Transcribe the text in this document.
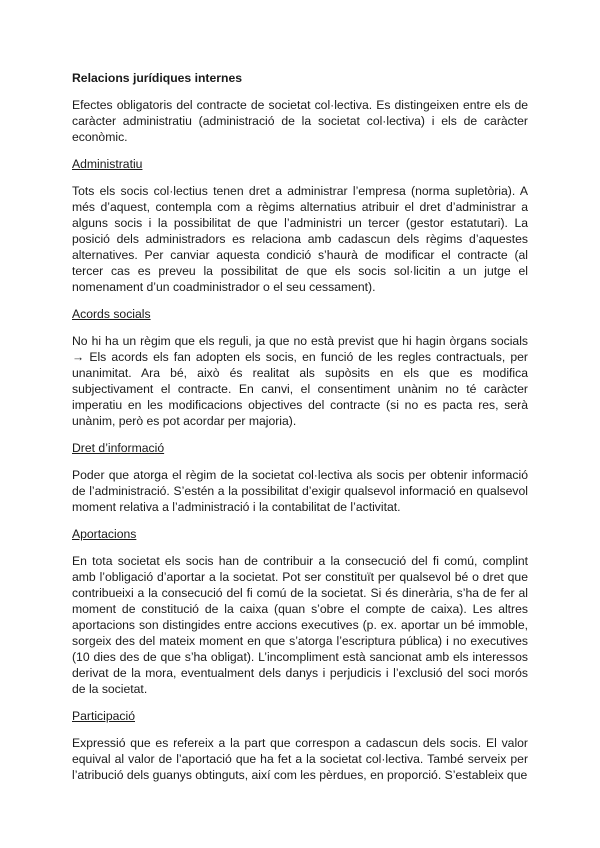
Relacions jurídiques internes

Efectes obligatoris del contracte de societat col·lectiva. Es distingeixen entre els de caràcter administratiu (administració de la societat col·lectiva) i els de caràcter econòmic.

Administratiu

Tots els socis col·lectius tenen dret a administrar l’empresa (norma supletòria). A més d’aquest, contempla com a règims alternatius atribuir el dret d’administrar a alguns socis i la possibilitat de que l’administri un tercer (gestor estatutari). La posició dels administradors es relaciona amb cadascun dels règims d’aquestes alternatives. Per canviar aquesta condició s’haurà de modificar el contracte (al tercer cas es preveu la possibilitat de que els socis sol·licitin a un jutge el nomenament d’un coadministrador o el seu cessament).

Acords socials

No hi ha un règim que els reguli, ja que no està previst que hi hagin òrgans socials → Els acords els fan adopten els socis, en funció de les regles contractuals, per unanimitat. Ara bé, això és realitat als supòsits en els que es modifica subjectivament el contracte. En canvi, el consentiment unànim no té caràcter imperatiu en les modificacions objectives del contracte (si no es pacta res, serà unànim, però es pot acordar per majoria).

Dret d’informació

Poder que atorga el règim de la societat col·lectiva als socis per obtenir informació de l’administració. S’estén a la possibilitat d’exigir qualsevol informació en qualsevol moment relativa a l’administració i la contabilitat de l’activitat.

Aportacions

En tota societat els socis han de contribuir a la consecució del fi comú, complint amb l’obligació d’aportar a la societat. Pot ser constituït per qualsevol bé o dret que contribueixi a la consecució del fi comú de la societat. Si és dinerària, s’ha de fer al moment de constitució de la caixa (quan s’obre el compte de caixa). Les altres aportacions son distingides entre accions executives (p. ex. aportar un bé immoble, sorgeix des del mateix moment en que s’atorga l’escriptura pública) i no executives (10 dies des de que s’ha obligat). L’incompliment està sancionat amb els interessos derivat de la mora, eventualment dels danys i perjudicis i l’exclusió del soci morós de la societat.

Participació

Expressió que es refereix a la part que correspon a cadascun dels socis. El valor equival al valor de l’aportació que ha fet a la societat col·lectiva. També serveix per l’atribució dels guanys obtinguts, així com les pèrdues, en proporció. S’estableix que
